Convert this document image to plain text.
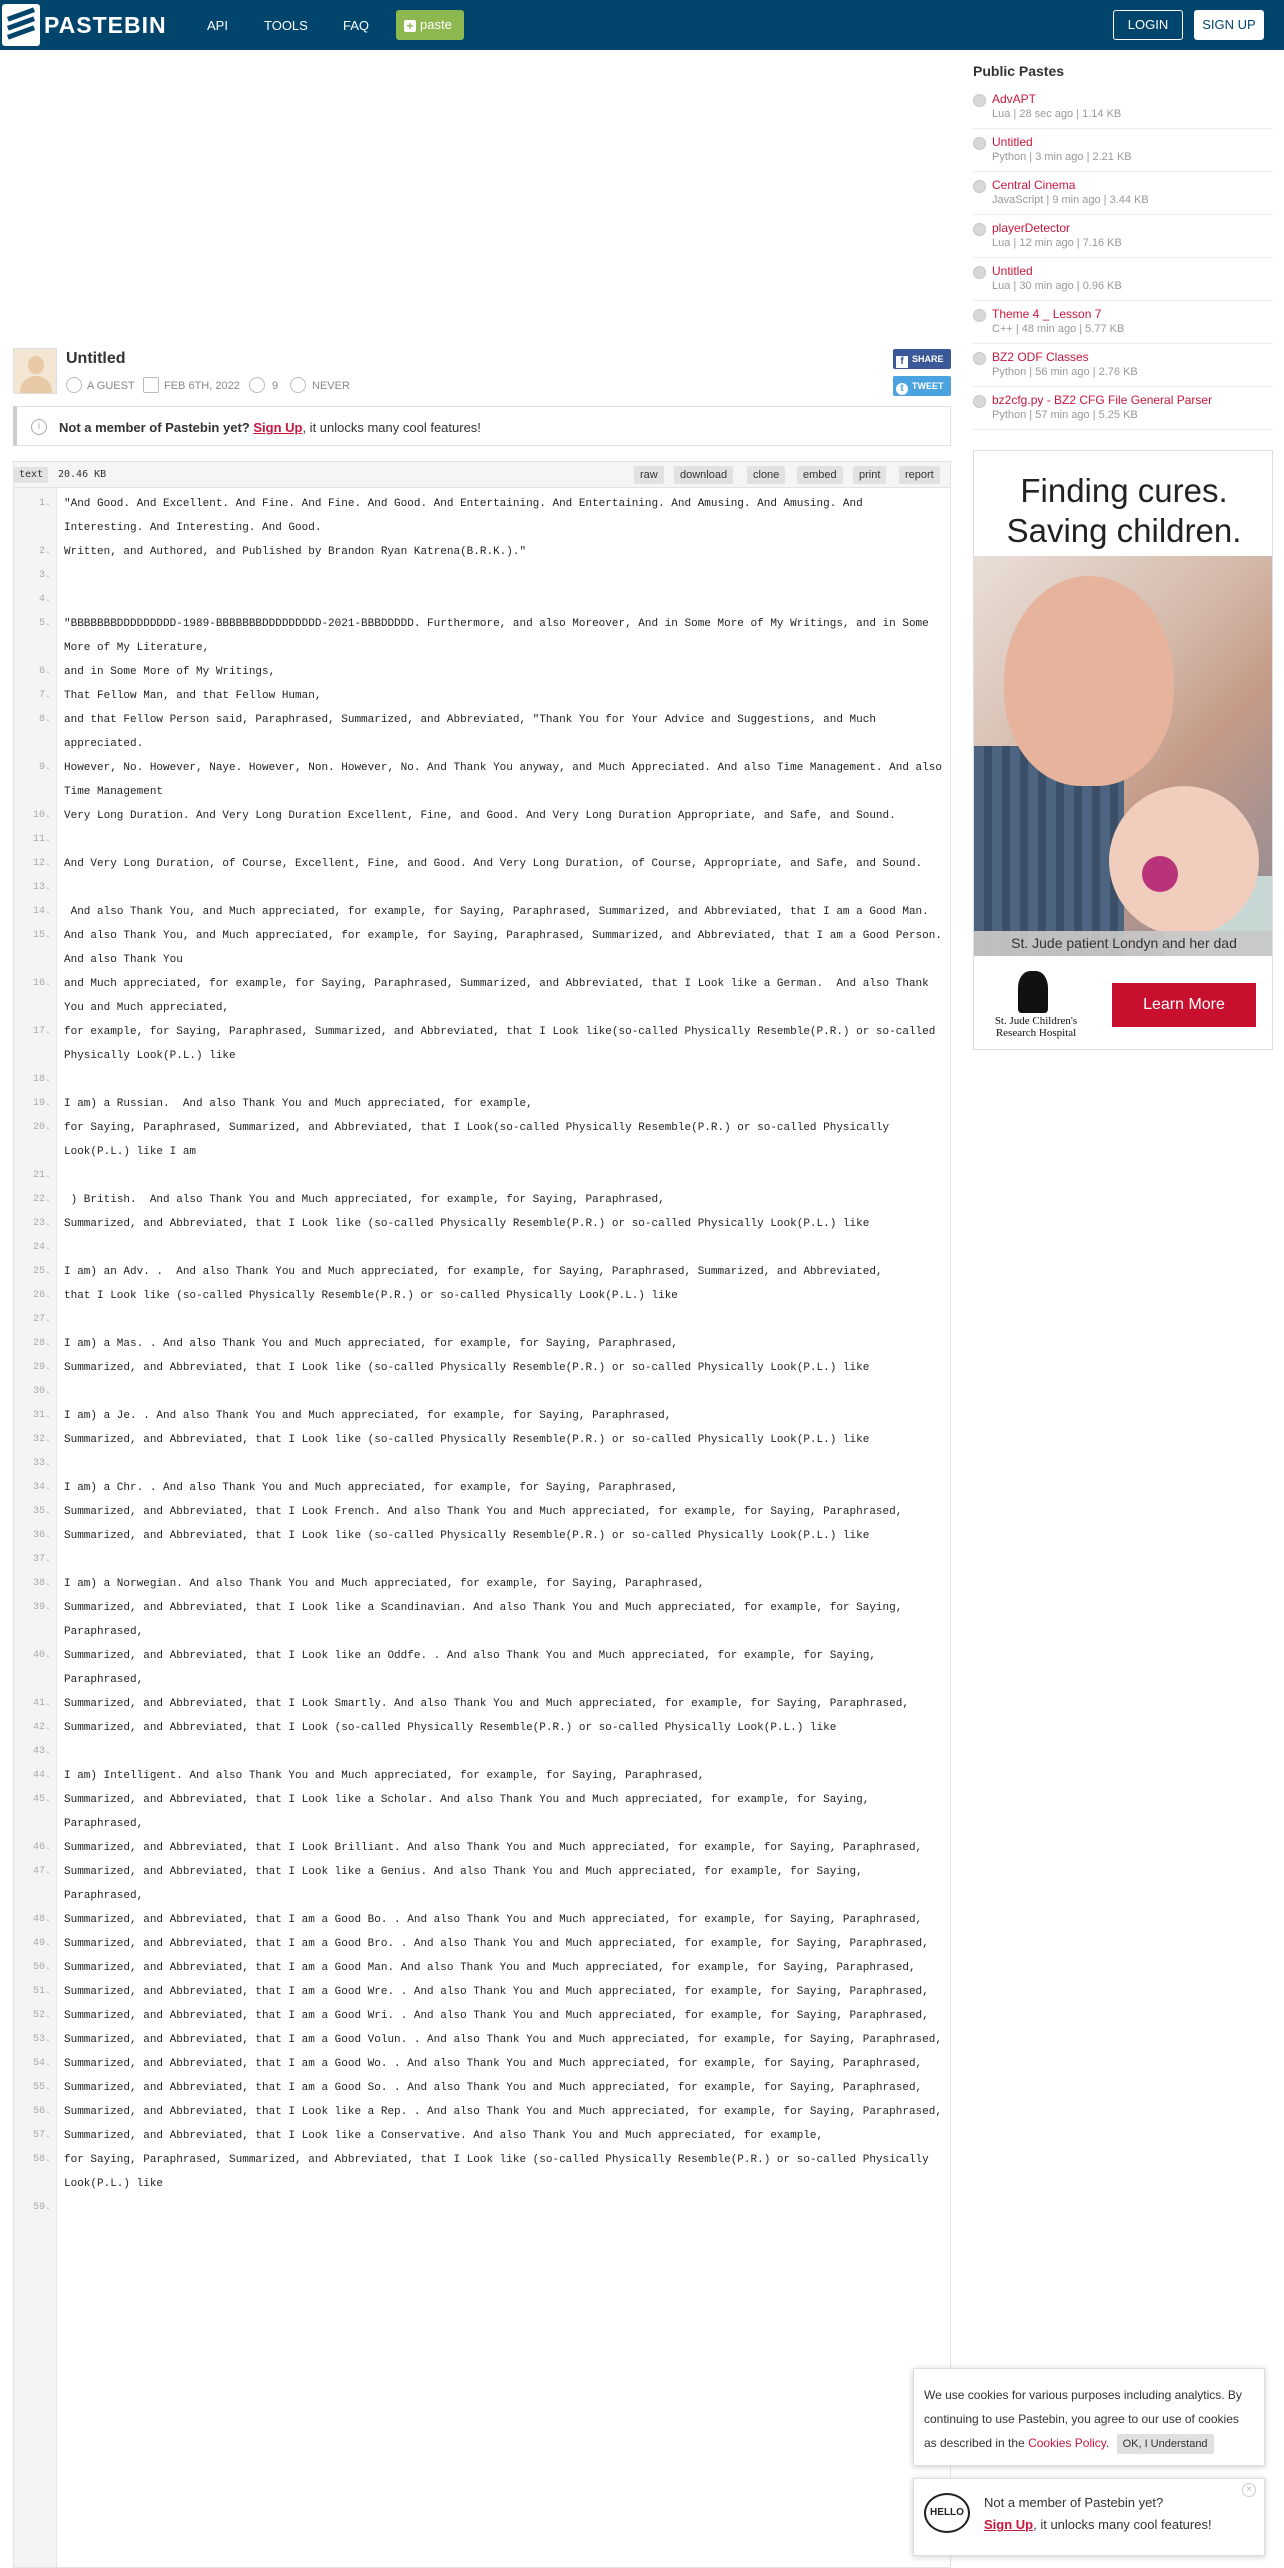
PASTEBIN	API	TOOLS	FAQ	+ paste	LOGIN	SIGN UP
Untitled
A GUEST	FEB 6TH, 2022	9	NEVER
f SHARE
t TWEET
i	Not a member of Pastebin yet? Sign Up, it unlocks many cool features!
text	20.46 KB	raw	download	clone	embed	print	report
1.	"And Good. And Excellent. And Fine. And Fine. And Good. And Entertaining. And Entertaining. And Amusing. And Amusing. And Interesting. And Interesting. And Good.
2.	Written, and Authored, and Published by Brandon Ryan Katrena(B.R.K.)."
3.
4.
5.	"BBBBBBBDDDDDDDDD-1989-BBBBBBBDDDDDDDDD-2021-BBBDDDDD. Furthermore, and also Moreover, And in Some More of My Writings, and in Some More of My Literature,
6.	and in Some More of My Writings,
7.	That Fellow Man, and that Fellow Human,
8.	and that Fellow Person said, Paraphrased, Summarized, and Abbreviated, "Thank You for Your Advice and Suggestions, and Much appreciated.
9.	However, No. However, Naye. However, Non. However, No. And Thank You anyway, and Much Appreciated. And also Time Management. And also Time Management
10.	Very Long Duration. And Very Long Duration Excellent, Fine, and Good. And Very Long Duration Appropriate, and Safe, and Sound.
11.
12.	And Very Long Duration, of Course, Excellent, Fine, and Good. And Very Long Duration, of Course, Appropriate, and Safe, and Sound.
13.
14.	And also Thank You, and Much appreciated, for example, for Saying, Paraphrased, Summarized, and Abbreviated, that I am a Good Man.
15.	And also Thank You, and Much appreciated, for example, for Saying, Paraphrased, Summarized, and Abbreviated, that I am a Good Person. And also Thank You
16.	and Much appreciated, for example, for Saying, Paraphrased, Summarized, and Abbreviated, that I Look like a German.  And also Thank You and Much appreciated,
17.	for example, for Saying, Paraphrased, Summarized, and Abbreviated, that I Look like(so-called Physically Resemble(P.R.) or so-called Physically Look(P.L.) like
18.
19.	I am) a Russian.  And also Thank You and Much appreciated, for example,
20.	for Saying, Paraphrased, Summarized, and Abbreviated, that I Look(so-called Physically Resemble(P.R.) or so-called Physically Look(P.L.) like I am
21.
22.	) British.  And also Thank You and Much appreciated, for example, for Saying, Paraphrased,
23.	Summarized, and Abbreviated, that I Look like (so-called Physically Resemble(P.R.) or so-called Physically Look(P.L.) like
24.
25.	I am) an Adv. .  And also Thank You and Much appreciated, for example, for Saying, Paraphrased, Summarized, and Abbreviated,
26.	that I Look like (so-called Physically Resemble(P.R.) or so-called Physically Look(P.L.) like
27.
28.	I am) a Mas. . And also Thank You and Much appreciated, for example, for Saying, Paraphrased,
29.	Summarized, and Abbreviated, that I Look like (so-called Physically Resemble(P.R.) or so-called Physically Look(P.L.) like
30.
31.	I am) a Je. . And also Thank You and Much appreciated, for example, for Saying, Paraphrased,
32.	Summarized, and Abbreviated, that I Look like (so-called Physically Resemble(P.R.) or so-called Physically Look(P.L.) like
33.
34.	I am) a Chr. . And also Thank You and Much appreciated, for example, for Saying, Paraphrased,
35.	Summarized, and Abbreviated, that I Look French. And also Thank You and Much appreciated, for example, for Saying, Paraphrased,
36.	Summarized, and Abbreviated, that I Look like (so-called Physically Resemble(P.R.) or so-called Physically Look(P.L.) like
37.
38.	I am) a Norwegian. And also Thank You and Much appreciated, for example, for Saying, Paraphrased,
39.	Summarized, and Abbreviated, that I Look like a Scandinavian. And also Thank You and Much appreciated, for example, for Saying, Paraphrased,
40.	Summarized, and Abbreviated, that I Look like an Oddfe. . And also Thank You and Much appreciated, for example, for Saying, Paraphrased,
41.	Summarized, and Abbreviated, that I Look Smartly. And also Thank You and Much appreciated, for example, for Saying, Paraphrased,
42.	Summarized, and Abbreviated, that I Look (so-called Physically Resemble(P.R.) or so-called Physically Look(P.L.) like
43.
44.	I am) Intelligent. And also Thank You and Much appreciated, for example, for Saying, Paraphrased,
45.	Summarized, and Abbreviated, that I Look like a Scholar. And also Thank You and Much appreciated, for example, for Saying, Paraphrased,
46.	Summarized, and Abbreviated, that I Look Brilliant. And also Thank You and Much appreciated, for example, for Saying, Paraphrased,
47.	Summarized, and Abbreviated, that I Look like a Genius. And also Thank You and Much appreciated, for example, for Saying, Paraphrased,
48.	Summarized, and Abbreviated, that I am a Good Bo. . And also Thank You and Much appreciated, for example, for Saying, Paraphrased,
49.	Summarized, and Abbreviated, that I am a Good Bro. . And also Thank You and Much appreciated, for example, for Saying, Paraphrased,
50.	Summarized, and Abbreviated, that I am a Good Man. And also Thank You and Much appreciated, for example, for Saying, Paraphrased,
51.	Summarized, and Abbreviated, that I am a Good Wre. . And also Thank You and Much appreciated, for example, for Saying, Paraphrased,
52.	Summarized, and Abbreviated, that I am a Good Wri. . And also Thank You and Much appreciated, for example, for Saying, Paraphrased,
53.	Summarized, and Abbreviated, that I am a Good Volun. . And also Thank You and Much appreciated, for example, for Saying, Paraphrased,
54.	Summarized, and Abbreviated, that I am a Good Wo. . And also Thank You and Much appreciated, for example, for Saying, Paraphrased,
55.	Summarized, and Abbreviated, that I am a Good So. . And also Thank You and Much appreciated, for example, for Saying, Paraphrased,
56.	Summarized, and Abbreviated, that I Look like a Rep. . And also Thank You and Much appreciated, for example, for Saying, Paraphrased,
57.	Summarized, and Abbreviated, that I Look like a Conservative. And also Thank You and Much appreciated, for example,
58.	for Saying, Paraphrased, Summarized, and Abbreviated, that I Look like (so-called Physically Resemble(P.R.) or so-called Physically Look(P.L.) like
59.
Public Pastes
AdvAPT
Lua | 28 sec ago | 1.14 KB
Untitled
Python | 3 min ago | 2.21 KB
Central Cinema
JavaScript | 9 min ago | 3.44 KB
playerDetector
Lua | 12 min ago | 7.16 KB
Untitled
Lua | 30 min ago | 0.96 KB
Theme 4 _ Lesson 7
C++ | 48 min ago | 5.77 KB
BZ2 ODF Classes
Python | 56 min ago | 2.76 KB
bz2cfg.py - BZ2 CFG File General Parser
Python | 57 min ago | 5.25 KB
Finding cures.
Saving children.
St. Jude patient Londyn and her dad
St. Jude Children's Research Hospital
Learn More
We use cookies for various purposes including analytics. By continuing to use Pastebin, you agree to our use of cookies as described in the Cookies Policy. OK, I Understand
×
HELLO
Not a member of Pastebin yet?
Sign Up, it unlocks many cool features!
